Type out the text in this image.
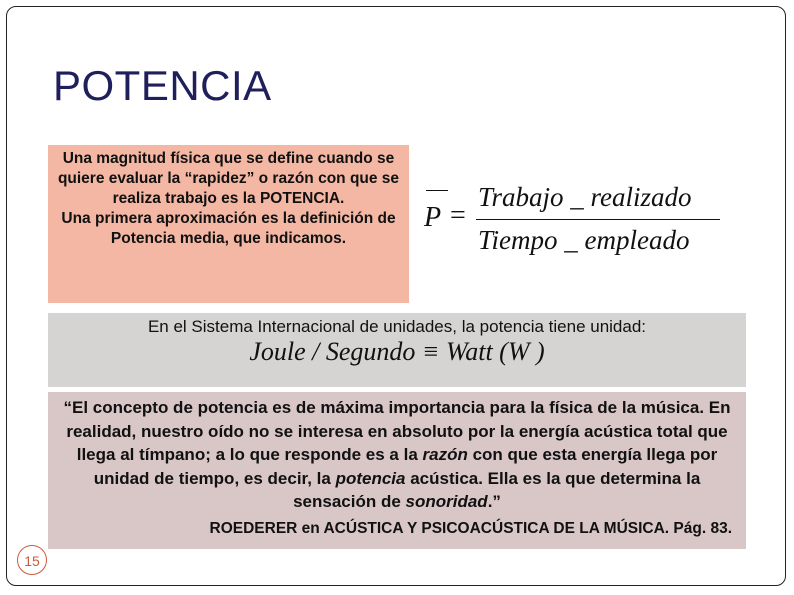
POTENCIA

Una magnitud física que se define cuando se quiere evaluar la “rapidez” o razón con que se realiza trabajo es la POTENCIA.

Una primera aproximación es la definición de Potencia media, que indicamos.

P =
Trabajo _ realizado
Tiempo _ empleado
En el Sistema Internacional de unidades, la potencia tiene unidad:
Joule / Segundo ≡ Watt (W )
“El concepto de potencia es de máxima importancia para la física de la música. En realidad, nuestro oído no se interesa en absoluto por la energía acústica total que llega al tímpano; a lo que responde es a la razón con que esta energía llega por unidad de tiempo, es decir, la potencia acústica. Ella es la que determina la sensación de sonoridad.”
ROEDERER en ACÚSTICA Y PSICOACÚSTICA DE LA MÚSICA. Pág. 83.
15
